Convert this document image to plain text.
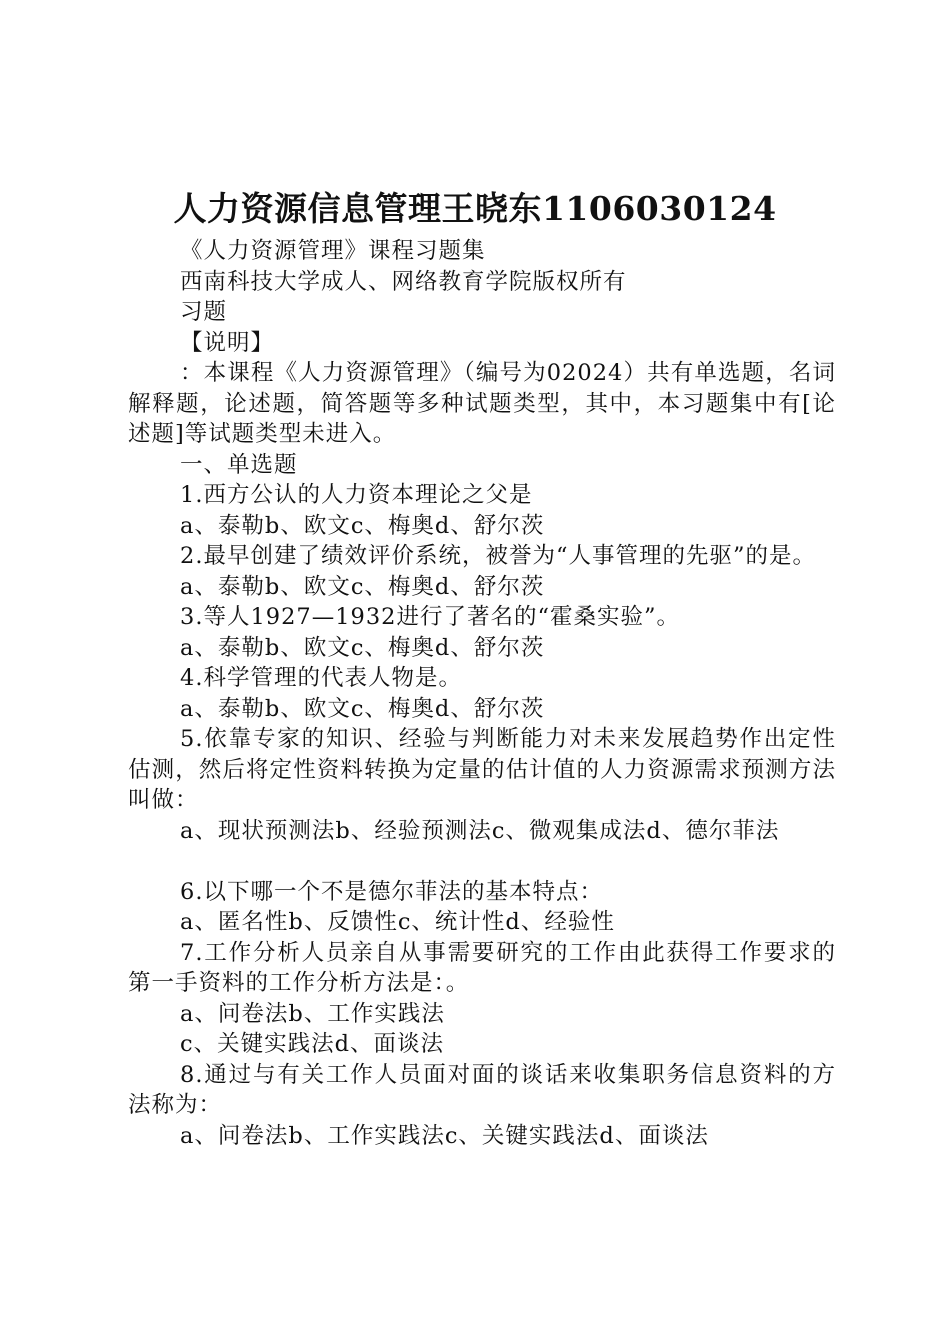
人力资源信息管理王晓东1106030124

《人力资源管理》课程习题集

西南科技大学成人、网络教育学院版权所有

习题

【说明】

：本课程《人力资源管理》（编号为02024）共有单选题，名词解释题，论述题，简答题等多种试题类型，其中，本习题集中有[论述题]等试题类型未进入。

一、单选题

1.西方公认的人力资本理论之父是

a、泰勒b、欧文c、梅奥d、舒尔茨

2.最早创建了绩效评价系统，被誉为“人事管理的先驱”的是。

a、泰勒b、欧文c、梅奥d、舒尔茨

3.等人1927—1932进行了著名的“霍桑实验”。

a、泰勒b、欧文c、梅奥d、舒尔茨

4.科学管理的代表人物是。

a、泰勒b、欧文c、梅奥d、舒尔茨

5.依靠专家的知识、经验与判断能力对未来发展趋势作出定性估测，然后将定性资料转换为定量的估计值的人力资源需求预测方法叫做：

a、现状预测法b、经验预测法c、微观集成法d、德尔菲法

6.以下哪一个不是德尔菲法的基本特点：

a、匿名性b、反馈性c、统计性d、经验性

7.工作分析人员亲自从事需要研究的工作由此获得工作要求的第一手资料的工作分析方法是：。

a、问卷法b、工作实践法

c、关键实践法d、面谈法

8.通过与有关工作人员面对面的谈话来收集职务信息资料的方法称为：

a、问卷法b、工作实践法c、关键实践法d、面谈法
